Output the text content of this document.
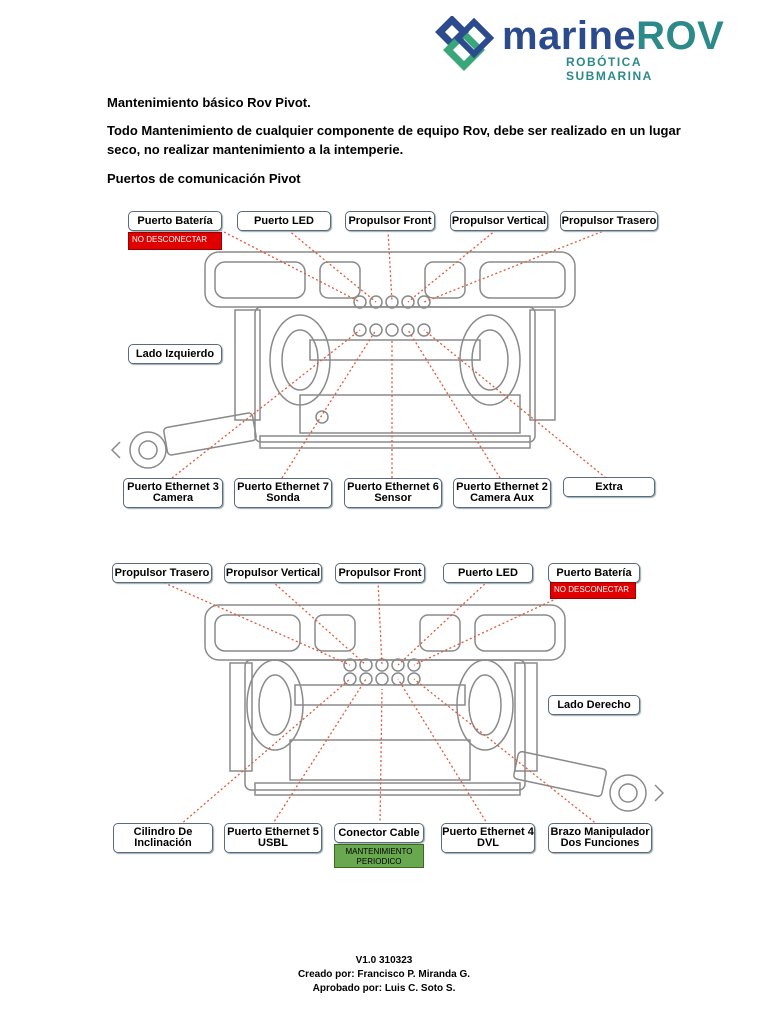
marineROV
ROBÓTICA SUBMARINA
Mantenimiento básico Rov Pivot.
Todo Mantenimiento de cualquier componente de equipo Rov, debe ser realizado en un lugar
seco, no realizar mantenimiento a la intemperie.
Puertos de comunicación Pivot
Puerto Batería	Puerto LED	Propulsor Front	Propulsor Vertical Propulsor Trasero
NO DESCONECTAR
Lado Izquierdo
Puerto Ethernet 3
Camera
Puerto Ethernet 7
Sonda
Puerto Ethernet 6
Sensor
Puerto Ethernet 2
Camera Aux
Extra
Propulsor Trasero Propulsor Vertical	Propulsor Front	Puerto LED	Puerto Batería
NO DESCONECTAR
Lado Derecho
Cilindro De
Inclinación
Puerto Ethernet 5
USBL
Conector Cable
MANTENIMIENTO
PERIODICO
Puerto Ethernet 4
DVL
Brazo Manipulador
Dos Funciones
V1.0 310323
Creado por: Francisco P. Miranda G.
Aprobado por: Luis C. Soto S.
